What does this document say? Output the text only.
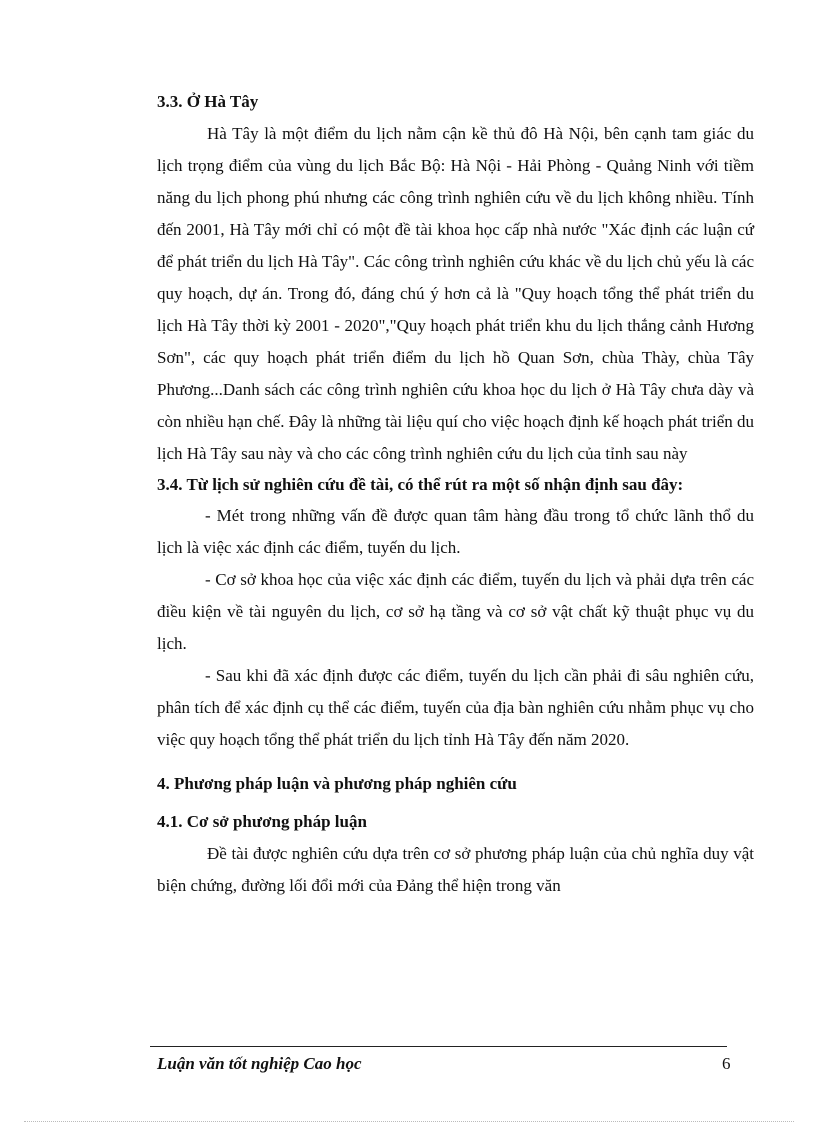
3.3. Ở Hà Tây

Hà Tây là một điểm du lịch nằm cận kề thủ đô Hà Nội, bên cạnh tam giác du lịch trọng điểm của vùng du lịch Bắc Bộ: Hà Nội - Hải Phòng - Quảng Ninh với tiềm năng du lịch phong phú nhưng các công trình nghiên cứu về du lịch không nhiều. Tính đến 2001, Hà Tây mới chỉ có một đề tài khoa học cấp nhà nước "Xác định các luận cứ để phát triển du lịch Hà Tây". Các công trình nghiên cứu khác về du lịch chủ yếu là các quy hoạch, dự án. Trong đó, đáng chú ý hơn cả là "Quy hoạch tổng thể phát triển du lịch Hà Tây thời kỳ 2001 - 2020","Quy hoạch phát triển khu du lịch thắng cảnh Hương Sơn", các quy hoạch phát triển điểm du lịch hồ Quan Sơn, chùa Thày, chùa Tây Phương...Danh sách các công trình nghiên cứu khoa học du lịch ở Hà Tây chưa dày và còn nhiều hạn chế. Đây là những tài liệu quí cho việc hoạch định kế hoạch phát triển du lịch Hà Tây sau này và cho các công trình nghiên cứu du lịch của tỉnh sau này

3.4. Từ lịch sử nghiên cứu đề tài, có thể rút ra một số nhận định sau đây:

- Mét trong những vấn đề được quan tâm hàng đầu trong tổ chức lãnh thổ du lịch là việc xác định các điểm, tuyến du lịch.

- Cơ sở khoa học của việc xác định các điểm, tuyến du lịch và phải dựa trên các điều kiện về tài nguyên du lịch, cơ sở hạ tầng và cơ sở vật chất kỹ thuật phục vụ du lịch.

- Sau khi đã xác định được các điểm, tuyến du lịch cần phải đi sâu nghiên cứu, phân tích để xác định cụ thể các điểm, tuyến của địa bàn nghiên cứu nhằm phục vụ cho việc quy hoạch tổng thể phát triển du lịch tỉnh Hà Tây đến năm 2020.

4. Phương pháp luận và phương pháp nghiên cứu

4.1. Cơ sở phương pháp luận

Đề tài được nghiên cứu dựa trên cơ sở phương pháp luận của chủ nghĩa duy vật biện chứng, đường lối đổi mới của Đảng thể hiện trong văn

Luận văn tốt nghiệp Cao học	6
